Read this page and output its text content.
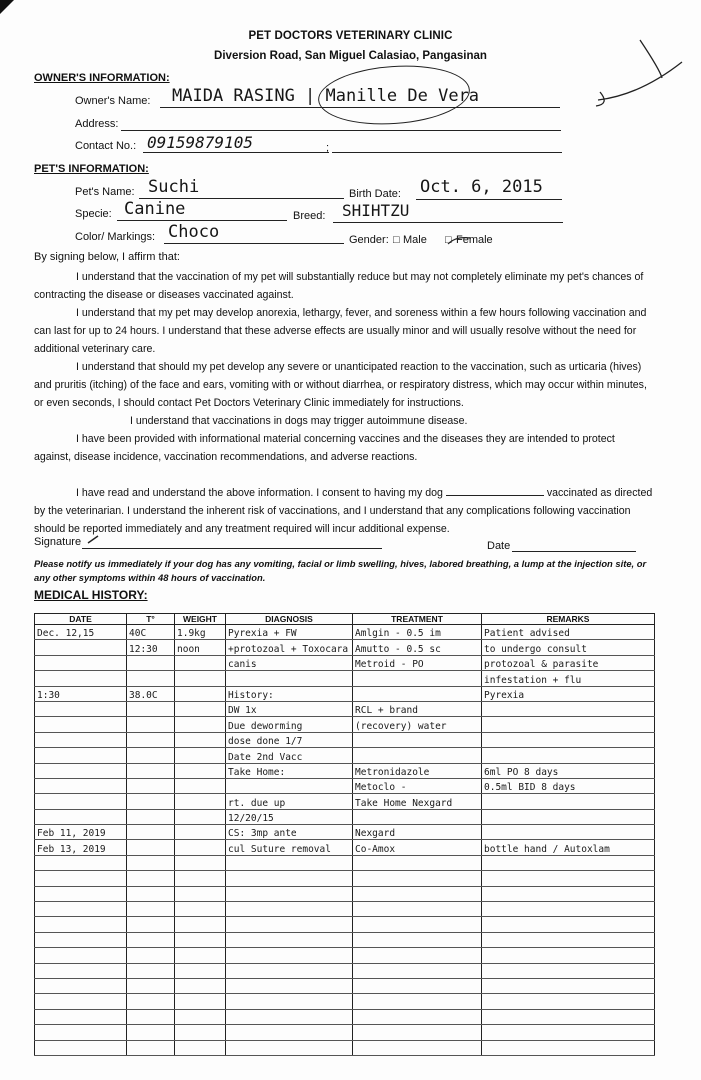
PET DOCTORS VETERINARY CLINIC
Diversion Road, San Miguel Calasiao, Pangasinan
OWNER'S INFORMATION:
Owner's Name: MAIDA RASING | Manille De Vera
Address:
Contact No.:	;
09159879105
PET'S INFORMATION:
Pet's Name: Suchi	Birth Date: Oct. 6, 2015
Specie: Canine	Breed: SHIHTZU
Color/ Markings: Choco	Gender: □ Male □ Female
By signing below, I affirm that:

I understand that the vaccination of my pet will substantially reduce but may not completely eliminate my pet's chances of contracting the disease or diseases vaccinated against.

I understand that my pet may develop anorexia, lethargy, fever, and soreness within a few hours following vaccination and can last for up to 24 hours. I understand that these adverse effects are usually minor and will usually resolve without the need for additional veterinary care.

I understand that should my pet develop any severe or unanticipated reaction to the vaccination, such as urticaria (hives) and pruritis (itching) of the face and ears, vomiting with or without diarrhea, or respiratory distress, which may occur within minutes, or even seconds, I should contact Pet Doctors Veterinary Clinic immediately for instructions.

I understand that vaccinations in dogs may trigger autoimmune disease.

I have been provided with informational material concerning vaccines and the diseases they are intended to protect against, disease incidence, vaccination recommendations, and adverse reactions.

I have read and understand the above information. I consent to having my dog	vaccinated as directed by the veterinarian. I understand the inherent risk of vaccinations, and I understand that any complications following vaccination should be reported immediately and any treatment required will incur additional expense.
Signature	Date
Please notify us immediately if your dog has any vomiting, facial or limb swelling, hives, labored breathing, a lump at the injection site, or any other symptoms within 48 hours of vaccination.
MEDICAL HISTORY:
DATE	T°	WEIGHT	DIAGNOSIS	TREATMENT	REMARKS
Dec. 12,15	40C	1.9kg	Pyrexia + FW	Amlgin - 0.5 im	Patient advised
	12:30	noon	+protozoal + Toxocara	Amutto - 0.5 sc	to undergo consult
			canis	Metroid - PO	protozoal & parasite
					infestation + flu
1:30	38.0C		History:		Pyrexia
			DW 1x	RCL + brand	
			Due deworming	(recovery) water	
			dose done 1/7		
			Date 2nd Vacc		
			Take Home:	Metronidazole	6ml PO 8 days
				Metoclo -	0.5ml BID 8 days
			rt. due up	Take Home Nexgard	
			12/20/15		
Feb 11, 2019			CS: 3mp ante	Nexgard	
Feb 13, 2019			cul Suture removal	Co-Amox	bottle hand / Autoxlam
